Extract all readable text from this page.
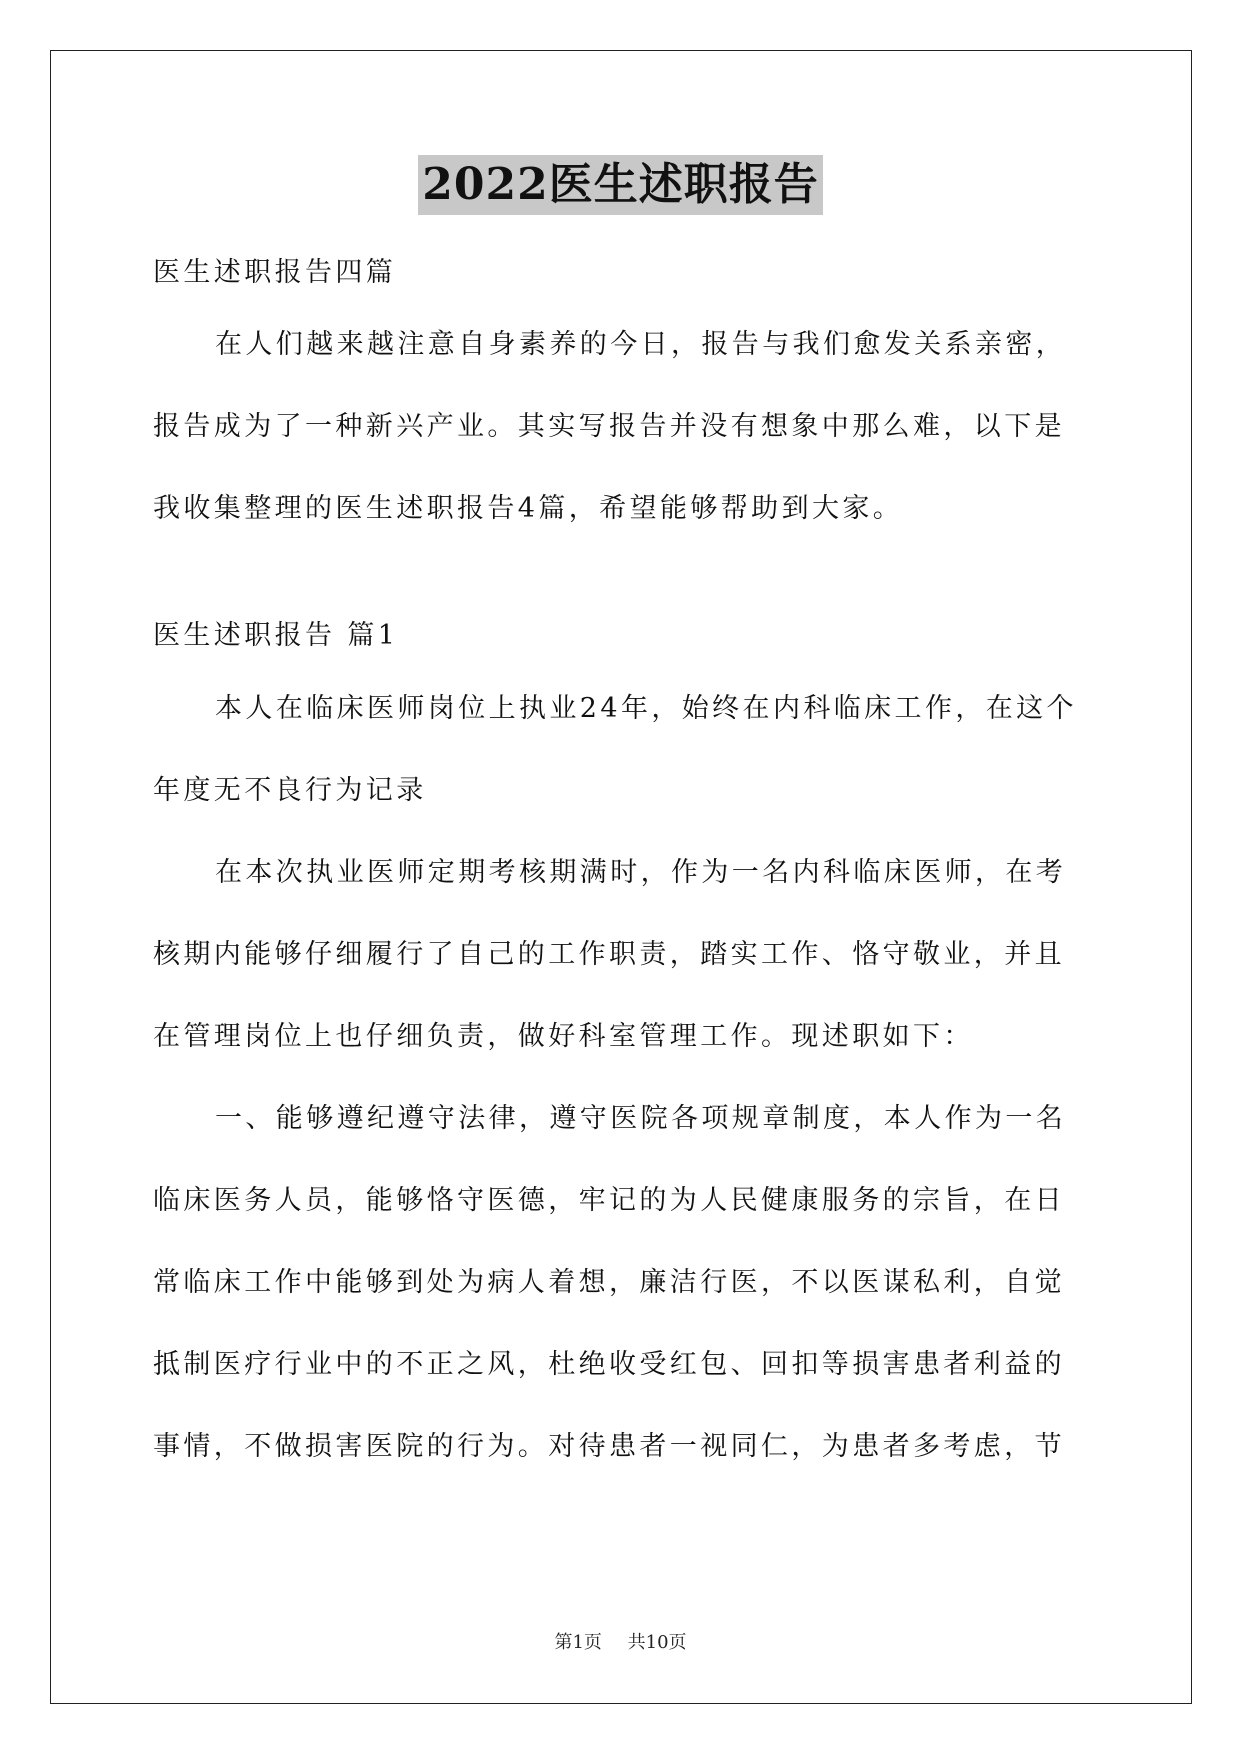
2022医生述职报告
医生述职报告四篇
在人们越来越注意自身素养的今日，报告与我们愈发关系亲密，
报告成为了一种新兴产业。其实写报告并没有想象中那么难，以下是
我收集整理的医生述职报告4篇，希望能够帮助到大家。
医生述职报告 篇1
本人在临床医师岗位上执业24年，始终在内科临床工作，在这个
年度无不良行为记录
在本次执业医师定期考核期满时，作为一名内科临床医师，在考
核期内能够仔细履行了自己的工作职责，踏实工作、恪守敬业，并且
在管理岗位上也仔细负责，做好科室管理工作。现述职如下：
一、能够遵纪遵守法律，遵守医院各项规章制度，本人作为一名
临床医务人员，能够恪守医德，牢记的为人民健康服务的宗旨，在日
常临床工作中能够到处为病人着想，廉洁行医，不以医谋私利，自觉
抵制医疗行业中的不正之风，杜绝收受红包、回扣等损害患者利益的
事情，不做损害医院的行为。对待患者一视同仁，为患者多考虑，节
第1页 共10页
